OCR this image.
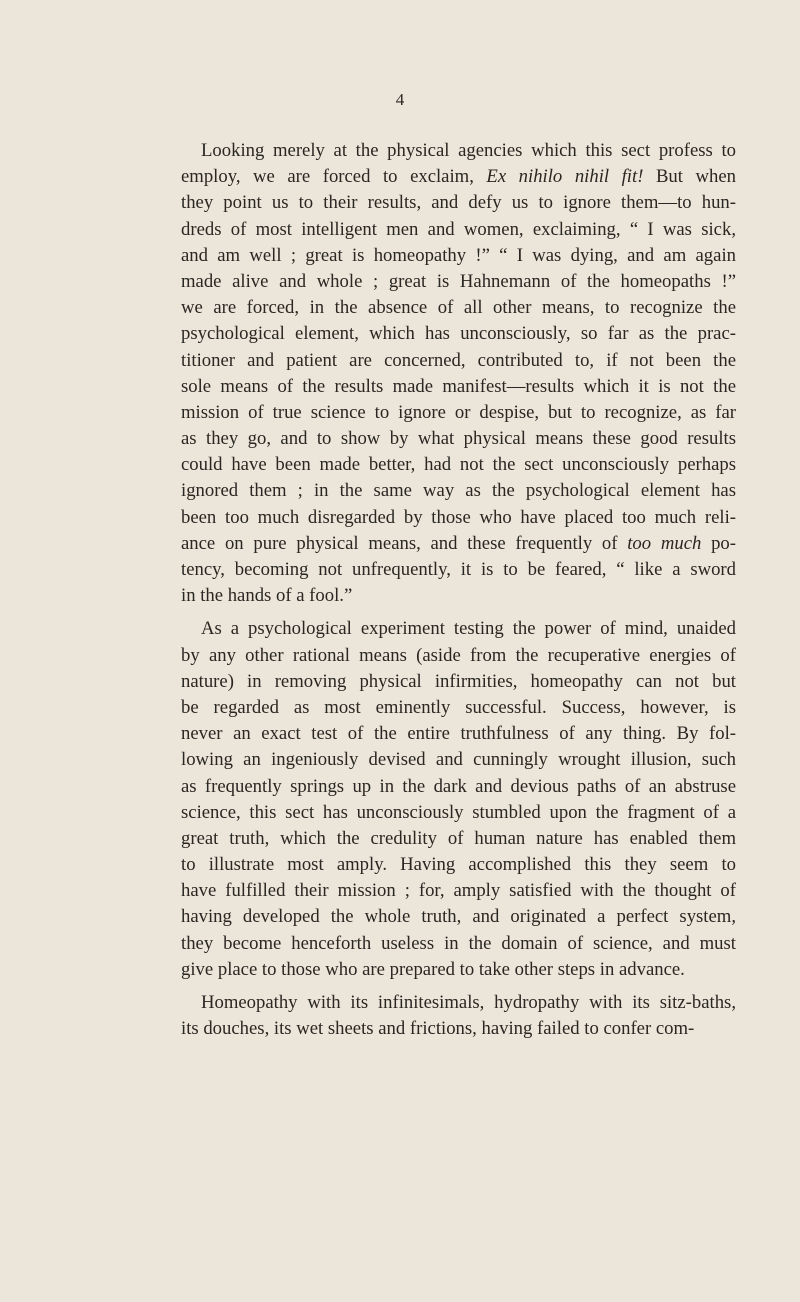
4
Looking merely at the physical agencies which this sect profess to
employ, we are forced to exclaim, Ex nihilo nihil fit! But when
they point us to their results, and defy us to ignore them—to hun-
dreds of most intelligent men and women, exclaiming, “ I was sick,
and am well ; great is homeopathy !” “ I was dying, and am again
made alive and whole ; great is Hahnemann of the homeopaths !”
we are forced, in the absence of all other means, to recognize the
psychological element, which has unconsciously, so far as the prac-
titioner and patient are concerned, contributed to, if not been the
sole means of the results made manifest—results which it is not the
mission of true science to ignore or despise, but to recognize, as far
as they go, and to show by what physical means these good results
could have been made better, had not the sect unconsciously perhaps
ignored them ; in the same way as the psychological element has
been too much disregarded by those who have placed too much reli-
ance on pure physical means, and these frequently of too much po-
tency, becoming not unfrequently, it is to be feared, “ like a sword
in the hands of a fool.”
As a psychological experiment testing the power of mind, unaided
by any other rational means (aside from the recuperative energies of
nature) in removing physical infirmities, homeopathy can not but
be regarded as most eminently successful. Success, however, is
never an exact test of the entire truthfulness of any thing. By fol-
lowing an ingeniously devised and cunningly wrought illusion, such
as frequently springs up in the dark and devious paths of an abstruse
science, this sect has unconsciously stumbled upon the fragment of a
great truth, which the credulity of human nature has enabled them
to illustrate most amply. Having accomplished this they seem to
have fulfilled their mission ; for, amply satisfied with the thought of
having developed the whole truth, and originated a perfect system,
they become henceforth useless in the domain of science, and must
give place to those who are prepared to take other steps in advance.
Homeopathy with its infinitesimals, hydropathy with its sitz-baths,
its douches, its wet sheets and frictions, having failed to confer com-
